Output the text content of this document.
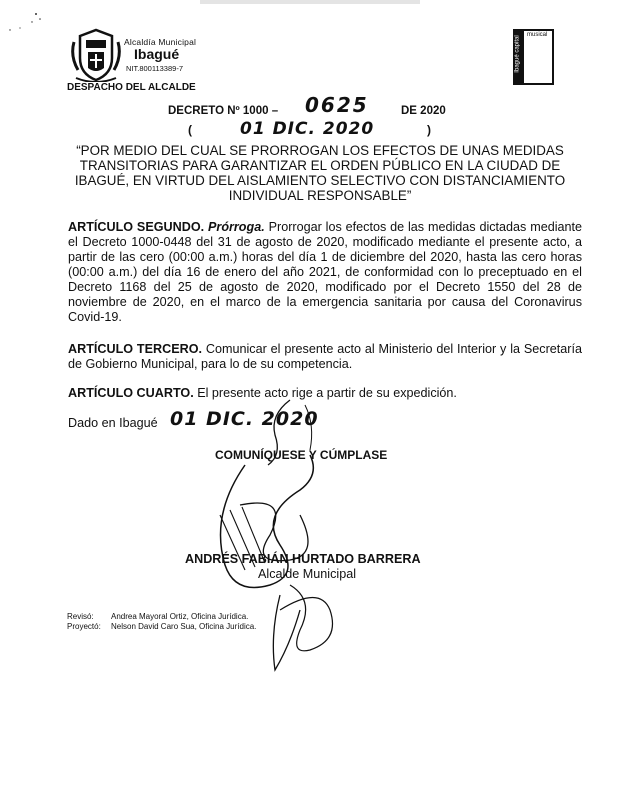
Alcaldía Municipal
Ibagué
NIT.800113389-7
DESPACHO DEL ALCALDE
Ibagué capital
musical
DECRETO Nº 1000 – 0625	DE 2020
(	01 DIC. 2020	)
“POR MEDIO DEL CUAL SE PRORROGAN LOS EFECTOS DE UNAS MEDIDAS TRANSITORIAS PARA GARANTIZAR EL ORDEN PÚBLICO EN LA CIUDAD DE IBAGUÉ, EN VIRTUD DEL AISLAMIENTO SELECTIVO CON DISTANCIAMIENTO INDIVIDUAL RESPONSABLE”
ARTÍCULO SEGUNDO. Prórroga. Prorrogar los efectos de las medidas dictadas mediante el Decreto 1000-0448 del 31 de agosto de 2020, modificado mediante el presente acto, a partir de las cero (00:00 a.m.) horas del día 1 de diciembre del 2020, hasta las cero horas (00:00 a.m.) del día 16 de enero del año 2021, de conformidad con lo preceptuado en el Decreto 1168 del 25 de agosto de 2020, modificado por el Decreto 1550 del 28 de noviembre de 2020, en el marco de la emergencia sanitaria por causa del Coronavirus Covid-19.
ARTÍCULO TERCERO. Comunicar el presente acto al Ministerio del Interior y la Secretaría de Gobierno Municipal, para lo de su competencia.
ARTÍCULO CUARTO. El presente acto rige a partir de su expedición.
Dado en Ibagué 01 DIC. 2020
COMUNÍQUESE Y CÚMPLASE
ANDRÉS FABIÁN HURTADO BARRERA
Alcalde Municipal
Revisó: Andrea Mayoral Ortiz, Oficina Jurídica.
Proyectó: Nelson David Caro Sua, Oficina Jurídica.
